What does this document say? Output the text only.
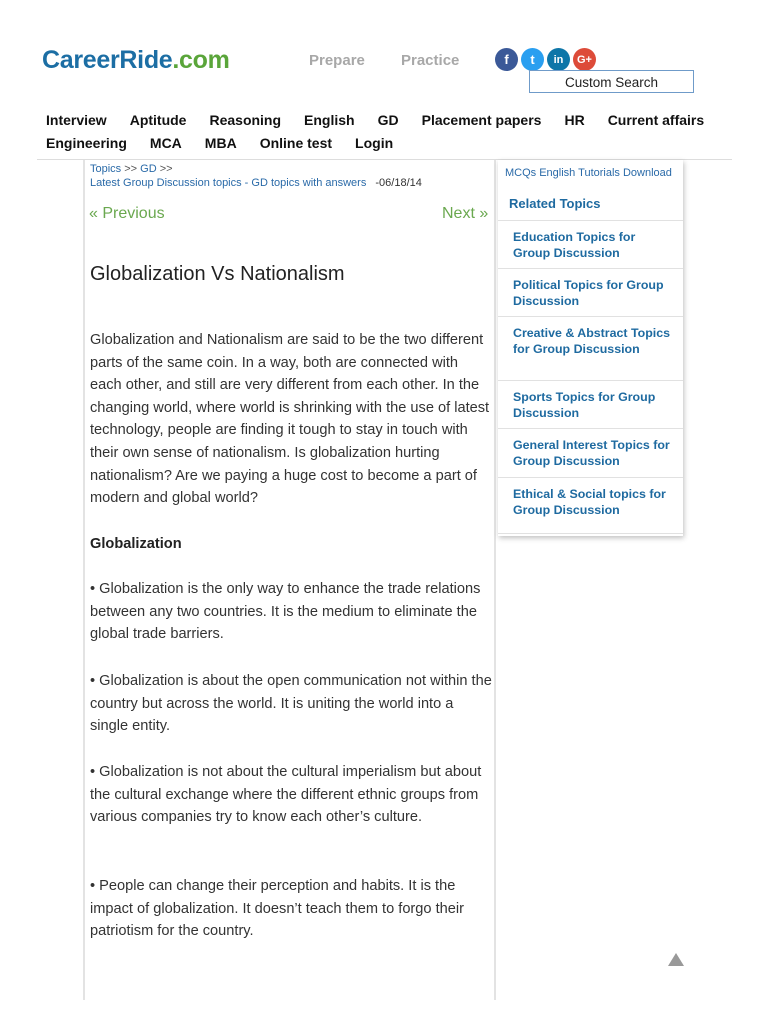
CareerRide.com	Prepare Practice	f	t	in	G+
Custom Search
Interview Aptitude Reasoning English GD Placement papers HR Current affairs
Engineering MCA MBA Online test Login
Topics >> GD >>
Latest Group Discussion topics - GD topics with answers -06/18/14
« Previous	Next »
Globalization Vs Nationalism
Globalization and Nationalism are said to be the two different parts of the same coin. In a way, both are connected with each other, and still are very different from each other. In the changing world, where world is shrinking with the use of latest technology, people are finding it tough to stay in touch with their own sense of nationalism. Is globalization hurting nationalism? Are we paying a huge cost to become a part of modern and global world?
Globalization
• Globalization is the only way to enhance the trade relations between any two countries. It is the medium to eliminate the global trade barriers.
• Globalization is about the open communication not within the country but across the world. It is uniting the world into a single entity.
• Globalization is not about the cultural imperialism but about the cultural exchange where the different ethnic groups from various companies try to know each other’s culture.
• People can change their perception and habits. It is the impact of globalization. It doesn’t teach them to forgo their patriotism for the country.
MCQs English Tutorials Download
Related Topics
Education Topics for Group Discussion
Political Topics for Group Discussion
Creative & Abstract Topics for Group Discussion
Sports Topics for Group Discussion
General Interest Topics for Group Discussion
Ethical & Social topics for Group Discussion
